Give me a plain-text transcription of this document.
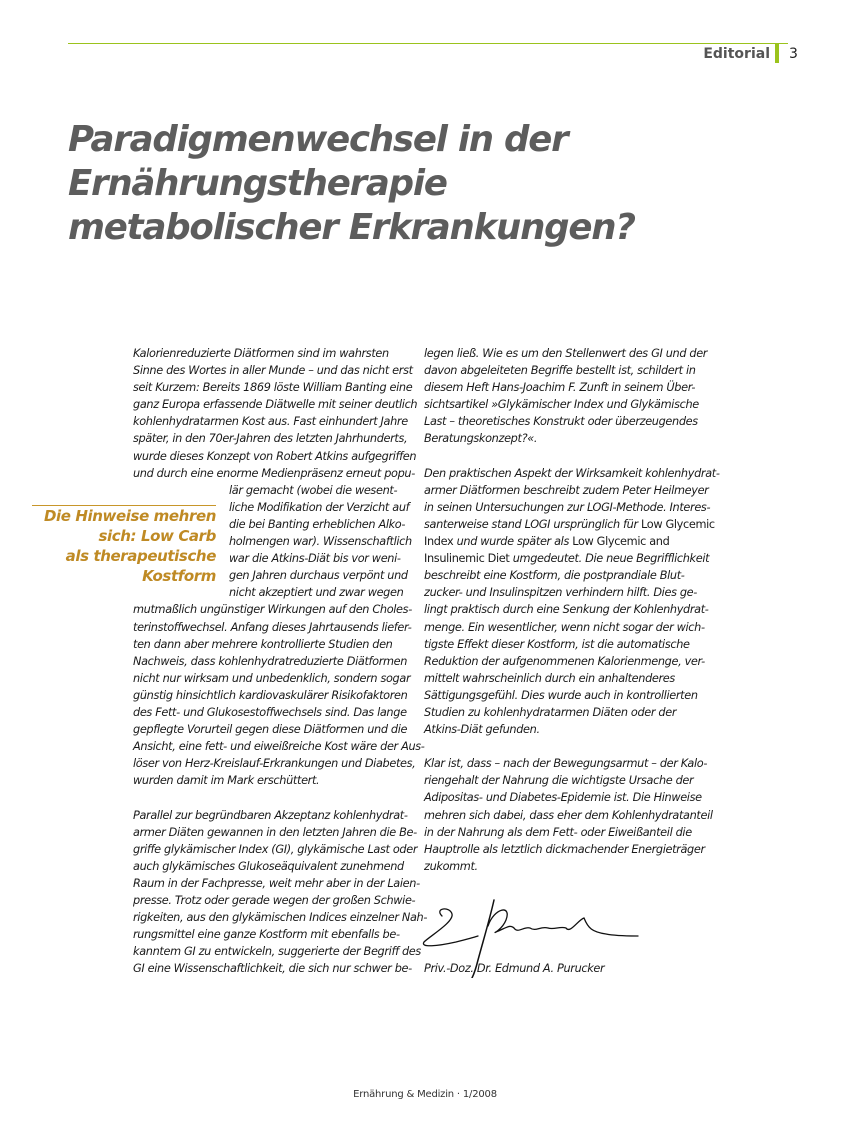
Editorial 3
Paradigmenwechsel in der
Ernährungstherapie
metabolischer Erkrankungen?
Die Hinweise mehren
sich: Low Carb
als therapeutische
Kostform
Kalorienreduzierte Diätformen sind im wahrsten
Sinne des Wortes in aller Munde – und das nicht erst
seit Kurzem: Bereits 1869 löste William Banting eine
ganz Europa erfassende Diätwelle mit seiner deutlich
kohlenhydratarmen Kost aus. Fast einhundert Jahre
später, in den 70er-Jahren des letzten Jahrhunderts,
wurde dieses Konzept von Robert Atkins aufgegriffen
und durch eine enorme Medienpräsenz erneut popu-
lär gemacht (wobei die wesent-
liche Modifikation der Verzicht auf
die bei Banting erheblichen Alko-
holmengen war). Wissenschaftlich
war die Atkins-Diät bis vor weni-
gen Jahren durchaus verpönt und
nicht akzeptiert und zwar wegen
mutmaßlich ungünstiger Wirkungen auf den Choles-
terinstoffwechsel. Anfang dieses Jahrtausends liefer-
ten dann aber mehrere kontrollierte Studien den
Nachweis, dass kohlenhydratreduzierte Diätformen
nicht nur wirksam und unbedenklich, sondern sogar
günstig hinsichtlich kardiovaskulärer Risikofaktoren
des Fett- und Glukosestoffwechsels sind. Das lange
gepflegte Vorurteil gegen diese Diätformen und die
Ansicht, eine fett- und eiweißreiche Kost wäre der Aus-
löser von Herz-Kreislauf-Erkrankungen und Diabetes,
wurden damit im Mark erschüttert.
Parallel zur begründbaren Akzeptanz kohlenhydrat-
armer Diäten gewannen in den letzten Jahren die Be-
griffe glykämischer Index (GI), glykämische Last oder
auch glykämisches Glukoseäquivalent zunehmend
Raum in der Fachpresse, weit mehr aber in der Laien-
presse. Trotz oder gerade wegen der großen Schwie-
rigkeiten, aus den glykämischen Indices einzelner Nah-
rungsmittel eine ganze Kostform mit ebenfalls be-
kanntem GI zu entwickeln, suggerierte der Begriff des
GI eine Wissenschaftlichkeit, die sich nur schwer be-
legen ließ. Wie es um den Stellenwert des GI und der
davon abgeleiteten Begriffe bestellt ist, schildert in
diesem Heft Hans-Joachim F. Zunft in seinem Über-
sichtsartikel »Glykämischer Index und Glykämische
Last – theoretisches Konstrukt oder überzeugendes
Beratungskonzept?«.
Den praktischen Aspekt der Wirksamkeit kohlenhydrat-
armer Diätformen beschreibt zudem Peter Heilmeyer
in seinen Untersuchungen zur LOGI-Methode. Interes-
santerweise stand LOGI ursprünglich für Low Glycemic
Index und wurde später als Low Glycemic and
Insulinemic Diet umgedeutet. Die neue Begrifflichkeit
beschreibt eine Kostform, die postprandiale Blut-
zucker- und Insulinspitzen verhindern hilft. Dies ge-
lingt praktisch durch eine Senkung der Kohlenhydrat-
menge. Ein wesentlicher, wenn nicht sogar der wich-
tigste Effekt dieser Kostform, ist die automatische
Reduktion der aufgenommenen Kalorienmenge, ver-
mittelt wahrscheinlich durch ein anhaltenderes
Sättigungsgefühl. Dies wurde auch in kontrollierten
Studien zu kohlenhydratarmen Diäten oder der
Atkins-Diät gefunden.
Klar ist, dass – nach der Bewegungsarmut – der Kalo-
riengehalt der Nahrung die wichtigste Ursache der
Adipositas- und Diabetes-Epidemie ist. Die Hinweise
mehren sich dabei, dass eher dem Kohlenhydratanteil
in der Nahrung als dem Fett- oder Eiweißanteil die
Hauptrolle als letztlich dickmachender Energieträger
zukommt.
Priv.-Doz. Dr. Edmund A. Purucker
Ernährung & Medizin · 1/2008
